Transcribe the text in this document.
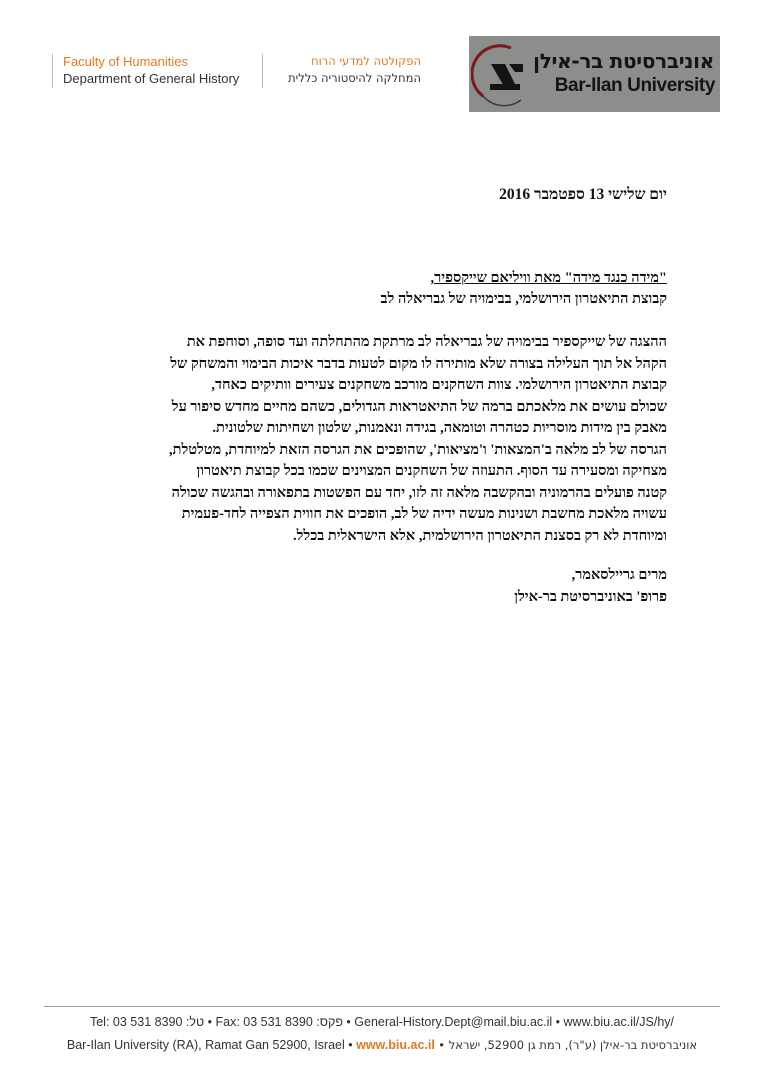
Faculty of Humanities
Department of General History
הפקולטה למדעי הרוח
המחלקה להיסטוריה כללית
אוניברסיטת בר-אילן
Bar-Ilan University
יום שלישי 13 ספטמבר 2016
"מידה כנגד מידה" מאת וויליאם שייקספיר,
קבוצת התיאטרון הירושלמי, בבימויה של גבריאלה לב
ההצגה של שייקספיר בבימויה של גבריאלה לב מרתקת מהתחלתה ועד סופה, וסוחפת את
הקהל אל תוך העלילה בצורה שלא מותירה לו מקום לטעות בדבר איכות הבימוי והמשחק של
קבוצת התיאטרון הירושלמי. צוות השחקנים מורכב משחקנים צעירים וותיקים כאחד,
שכולם עושים את מלאכתם ברמה של התיאטראות הגדולים, כשהם מחיים מחדש סיפור על
מאבק בין מידות מוסריות כטהרה וטומאה, בגידה ונאמנות, שלטון ושחיתות שלטונית.
הגרסה של לב מלאה ב'המצאות' ו'מציאות', שהופכים את הגרסה הזאת למיוחדת, מטלטלת,
מצחיקה ומסעירה עד הסוף. התעוזה של השחקנים המצוינים שכמו בכל קבוצת תיאטרון
קטנה פועלים בהרמוניה ובהקשבה מלאה זה לזו, יחד עם הפשטות בתפאורה ובהגשה שכולה
עשויה מלאכת מחשבת ושנינות מעשה ידיה של לב, הופכים את חווית הצפייה לחד-פעמית
ומיוחדת לא רק בסצנת התיאטרון הירושלמית, אלא הישראלית בכלל.
מרים גריילסאמר,
פרופ' באוניברסיטת בר-אילן
Tel: 03 531 8390 :טל • Fax: 03 531 8390 :פקס • General-History.Dept@mail.biu.ac.il • www.biu.ac.il/JS/hy/
Bar-Ilan University (RA), Ramat Gan 52900, Israel • www.biu.ac.il אוניברסיטת בר-אילן (ע"ר), רמת גן 52900, ישראל •
